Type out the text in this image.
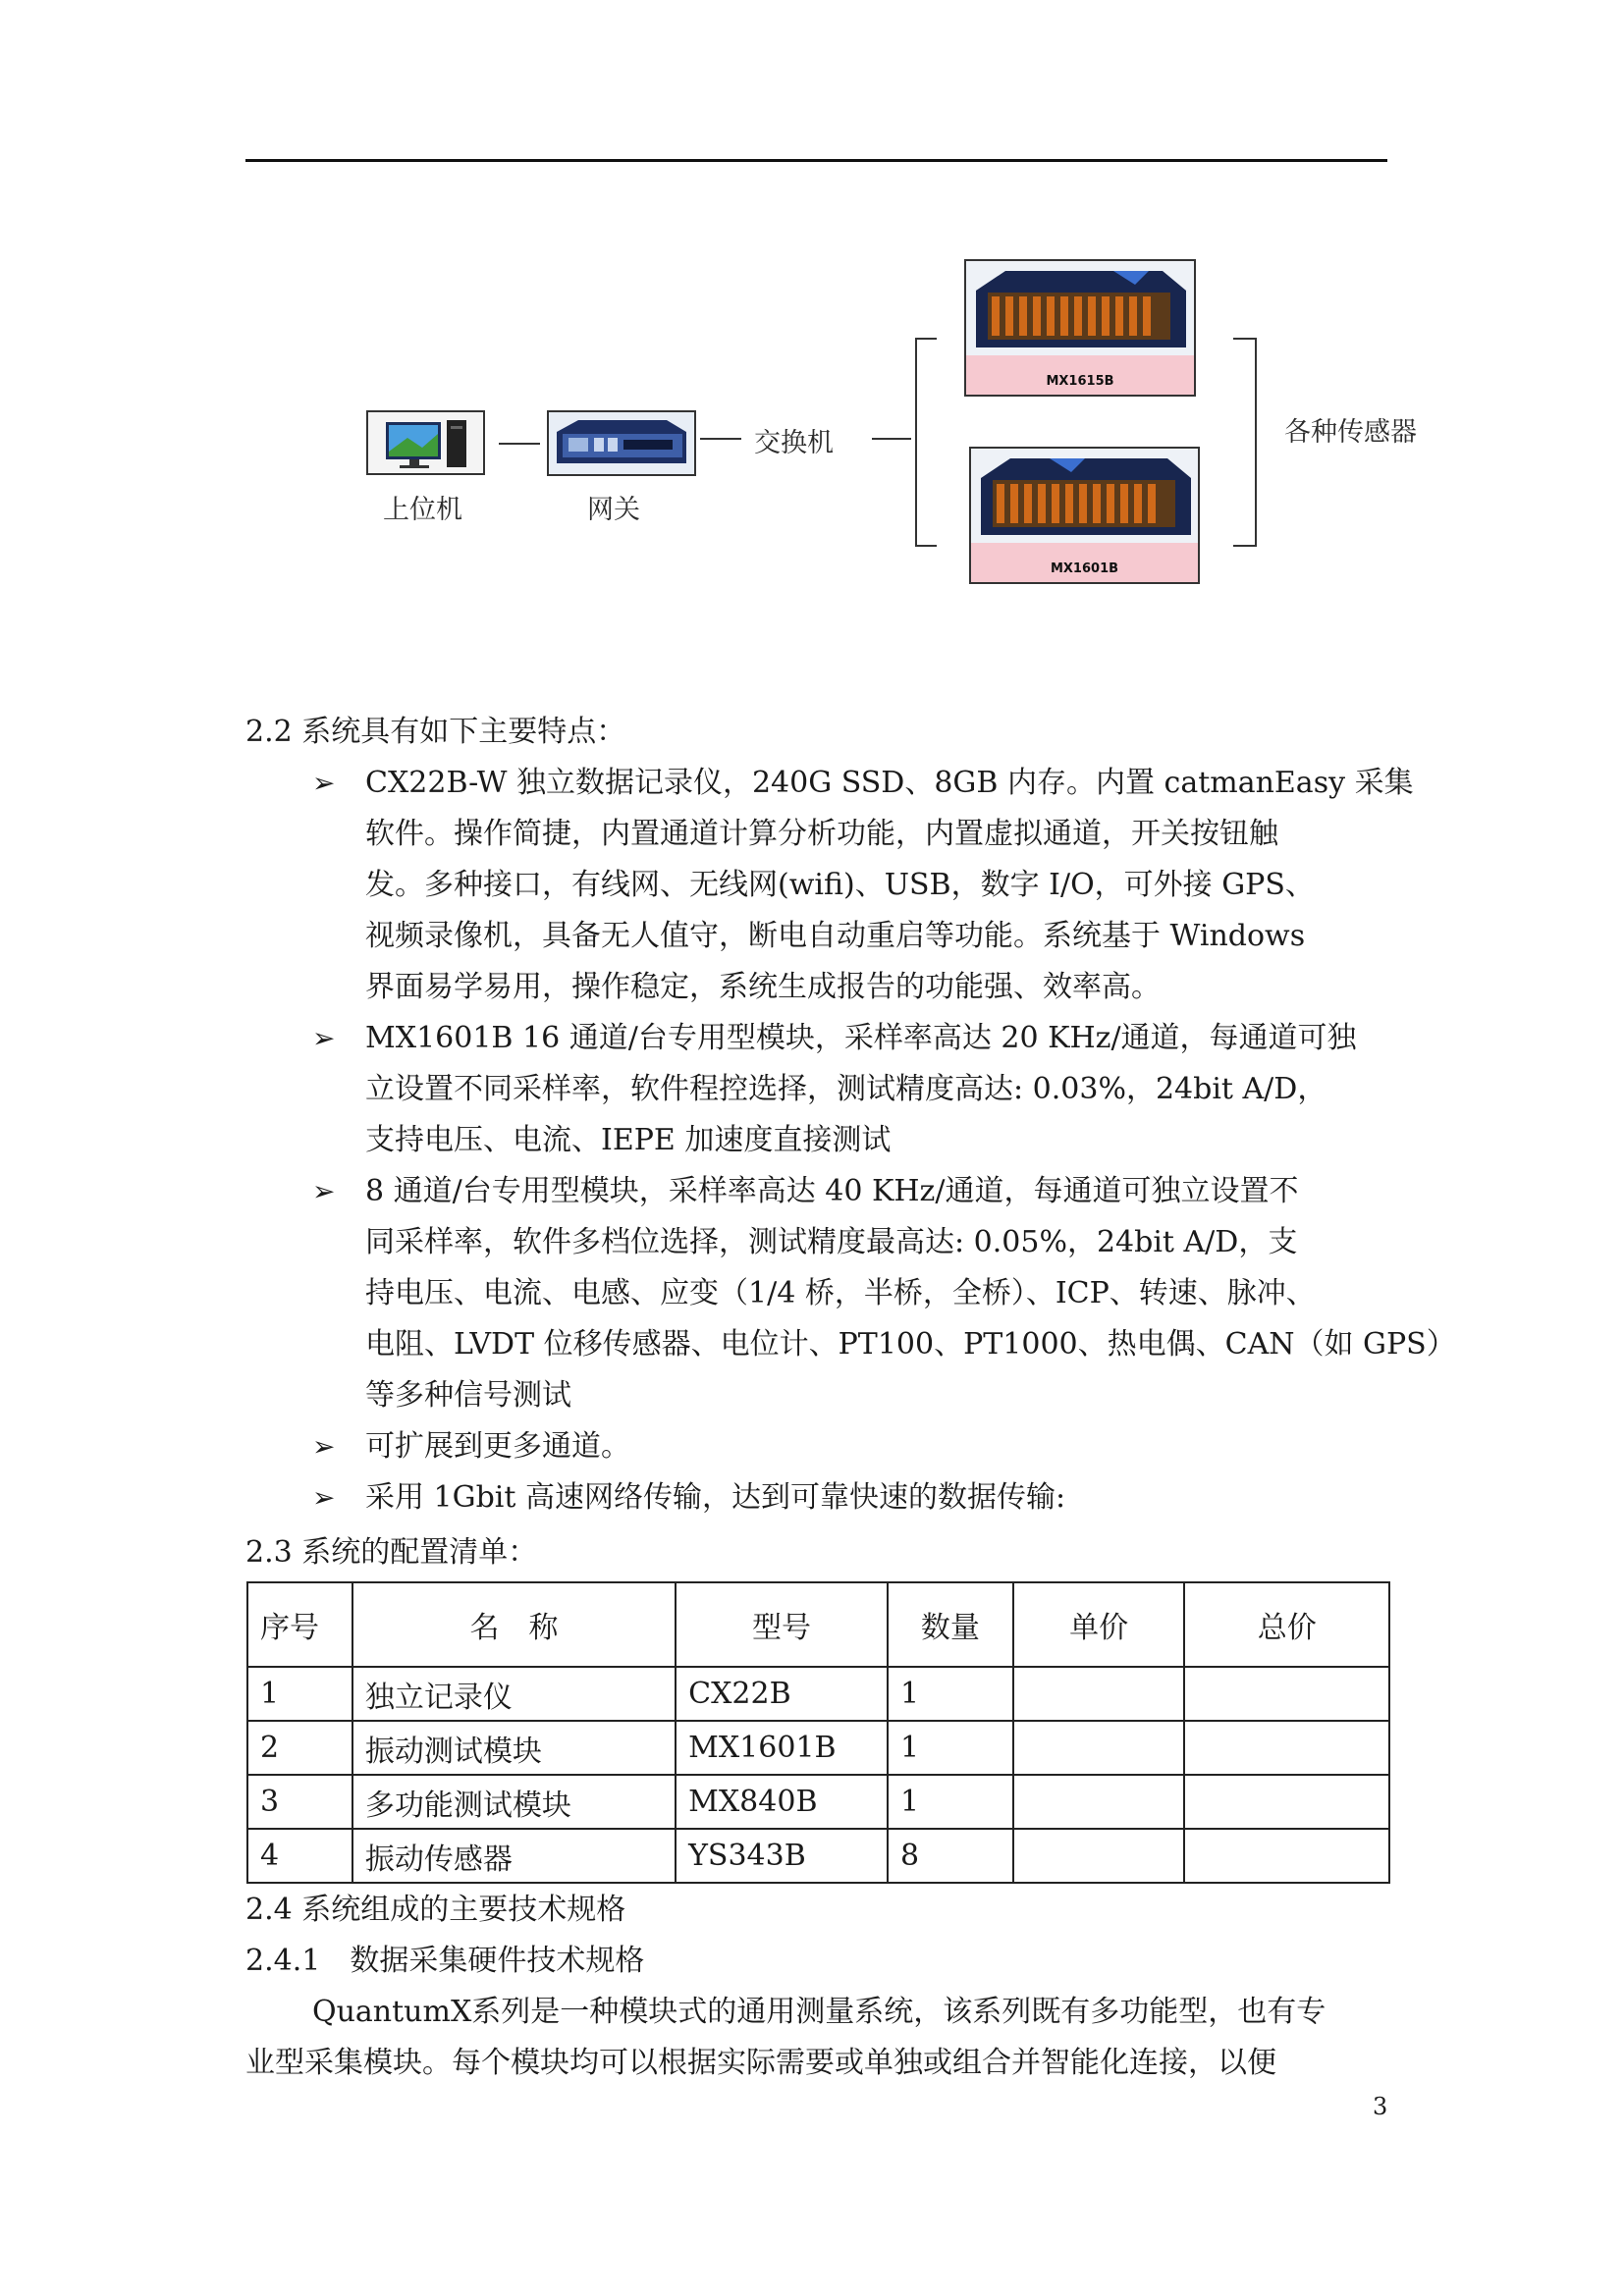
上位机	网关
交换机
MX1615B
MX1601B
各种传感器
2.2 系统具有如下主要特点：
➢ CX22B-W 独立数据记录仪，240G SSD、8GB 内存。内置 catmanEasy 采集
软件。操作简捷，内置通道计算分析功能，内置虚拟通道，开关按钮触
发。多种接口，有线网、无线网(wifi)、USB，数字 I/O，可外接 GPS、
视频录像机，具备无人值守，断电自动重启等功能。系统基于 Windows
界面易学易用，操作稳定，系统生成报告的功能强、效率高。
➢ MX1601B 16 通道/台专用型模块，采样率高达 20 KHz/通道，每通道可独
立设置不同采样率，软件程控选择，测试精度高达: 0.03%，24bit A/D，
支持电压、电流、IEPE 加速度直接测试
➢ 8 通道/台专用型模块，采样率高达 40 KHz/通道，每通道可独立设置不
同采样率，软件多档位选择，测试精度最高达: 0.05%，24bit A/D，支
持电压、电流、电感、应变（1/4 桥，半桥，全桥）、ICP、转速、脉冲、
电阻、LVDT 位移传感器、电位计、PT100、PT1000、热电偶、CAN（如 GPS）
等多种信号测试
➢ 可扩展到更多通道。
➢ 采用 1Gbit 高速网络传输，达到可靠快速的数据传输:
2.3 系统的配置清单：
序号	名　称	型号	数量	单价	总价
1	独立记录仪	CX22B	1		
2	振动测试模块	MX1601B	1		
3	多功能测试模块	MX840B	1		
4	振动传感器	YS343B	8		
2.4 系统组成的主要技术规格
2.4.1　数据采集硬件技术规格
QuantumX系列是一种模块式的通用测量系统，该系列既有多功能型，也有专
业型采集模块。每个模块均可以根据实际需要或单独或组合并智能化连接，以便
3
